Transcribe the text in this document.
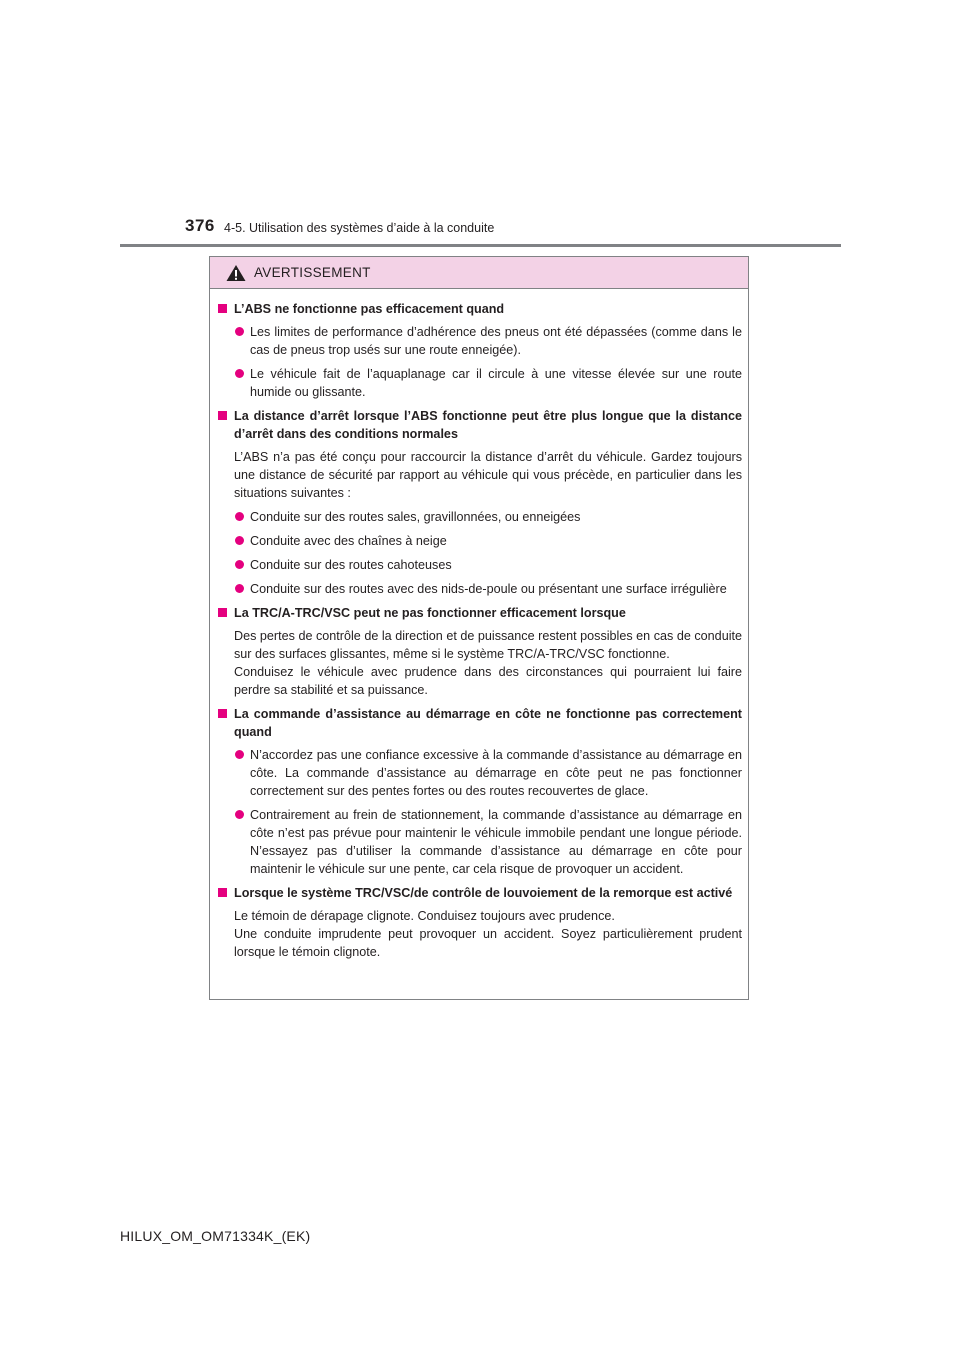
376 4-5. Utilisation des systèmes d’aide à la conduite
AVERTISSEMENT
L’ABS ne fonctionne pas efficacement quand
Les limites de performance d’adhérence des pneus ont été dépassées (comme dans le cas de pneus trop usés sur une route enneigée).
Le véhicule fait de l’aquaplanage car il circule à une vitesse élevée sur une route humide ou glissante.
La distance d’arrêt lorsque l’ABS fonctionne peut être plus longue que la distance d’arrêt dans des conditions normales
L’ABS n’a pas été conçu pour raccourcir la distance d’arrêt du véhicule. Gardez toujours une distance de sécurité par rapport au véhicule qui vous précède, en particulier dans les situations suivantes :
Conduite sur des routes sales, gravillonnées, ou enneigées
Conduite avec des chaînes à neige
Conduite sur des routes cahoteuses
Conduite sur des routes avec des nids-de-poule ou présentant une surface irrégulière
La TRC/A-TRC/VSC peut ne pas fonctionner efficacement lorsque
Des pertes de contrôle de la direction et de puissance restent possibles en cas de conduite sur des surfaces glissantes, même si le système TRC/A-TRC/VSC fonctionne.
Conduisez le véhicule avec prudence dans des circonstances qui pourraient lui faire perdre sa stabilité et sa puissance.
La commande d’assistance au démarrage en côte ne fonctionne pas correctement quand
N’accordez pas une confiance excessive à la commande d’assistance au démarrage en côte. La commande d’assistance au démarrage en côte peut ne pas fonctionner correctement sur des pentes fortes ou des routes recouvertes de glace.
Contrairement au frein de stationnement, la commande d’assistance au démarrage en côte n’est pas prévue pour maintenir le véhicule immobile pendant une longue période. N’essayez pas d’utiliser la commande d’assistance au démarrage en côte pour maintenir le véhicule sur une pente, car cela risque de provoquer un accident.
Lorsque le système TRC/VSC/de contrôle de louvoiement de la remorque est activé
Le témoin de dérapage clignote. Conduisez toujours avec prudence.
Une conduite imprudente peut provoquer un accident. Soyez particulièrement prudent lorsque le témoin clignote.
HILUX_OM_OM71334K_(EK)
